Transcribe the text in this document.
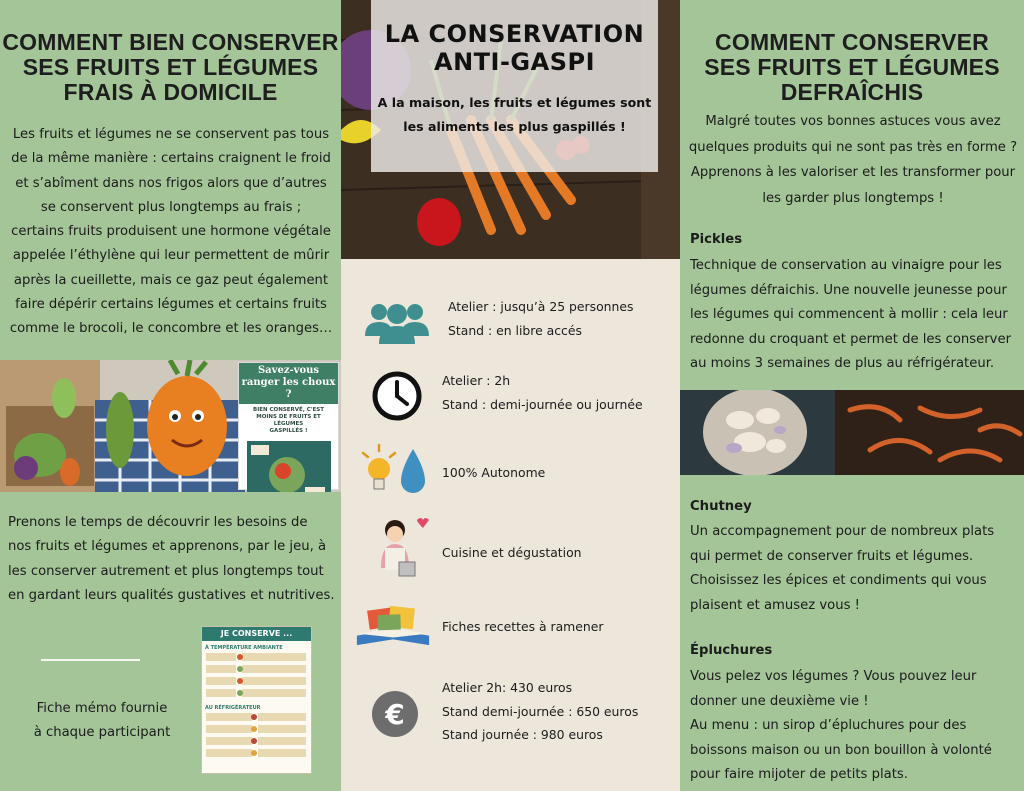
COMMENT BIEN CONSERVER
SES FRUITS ET LÉGUMES
FRAIS À DOMICILE
Les fruits et légumes ne se conservent pas tous
de la même manière : certains craignent le froid
et s’abîment dans nos frigos alors que d’autres
se conservent plus longtemps au frais ;
certains fruits produisent une hormone végétale
appelée l’éthylène qui leur permettent de mûrir
après la cueillette, mais ce gaz peut également
faire dépérir certains légumes et certains fruits
comme le brocoli, le concombre et les oranges…
Savez-vous
ranger les choux ?
BIEN CONSERVÉ, C'EST
MOINS DE FRUITS ET LÉGUMES
GASPILLÉS !
Prenons le temps de découvrir les besoins de
nos fruits et légumes et apprenons, par le jeu, à
les conserver autrement et plus longtemps tout
en gardant leurs qualités gustatives et nutritives.
Fiche mémo fournie
à chaque participant
JE CONSERVE ...
À TEMPÉRATURE AMBIANTE
AU RÉFRIGÉRATEUR
LA CONSERVATION
ANTI-GASPI
A la maison, les fruits et légumes sont
les aliments les plus gaspillés !
Atelier : jusqu’à 25 personnes
Stand : en libre accés
Atelier : 2h
Stand : demi-journée ou journée
100% Autonome
Cuisine et dégustation
Fiches recettes à ramener
€
Atelier 2h: 430 euros
Stand demi-journée : 650 euros
Stand journée : 980 euros
COMMENT CONSERVER
SES FRUITS ET LÉGUMES
DEFRAÎCHIS
Malgré toutes vos bonnes astuces vous avez
quelques produits qui ne sont pas très en forme ?
Apprenons à les valoriser et les transformer pour
les garder plus longtemps !
Pickles
Technique de conservation au vinaigre pour les
légumes défraichis. Une nouvelle jeunesse pour
les légumes qui commencent à mollir : cela leur
redonne du croquant et permet de les conserver
au moins 3 semaines de plus au réfrigérateur.
Chutney
Un accompagnement pour de nombreux plats
qui permet de conserver fruits et légumes.
Choisissez les épices et condiments qui vous
plaisent et amusez vous !
Épluchures
Vous pelez vos légumes ? Vous pouvez leur
donner une deuxième vie !
Au menu : un sirop d’épluchures pour des
boissons maison ou un bon bouillon à volonté
pour faire mijoter de petits plats.
